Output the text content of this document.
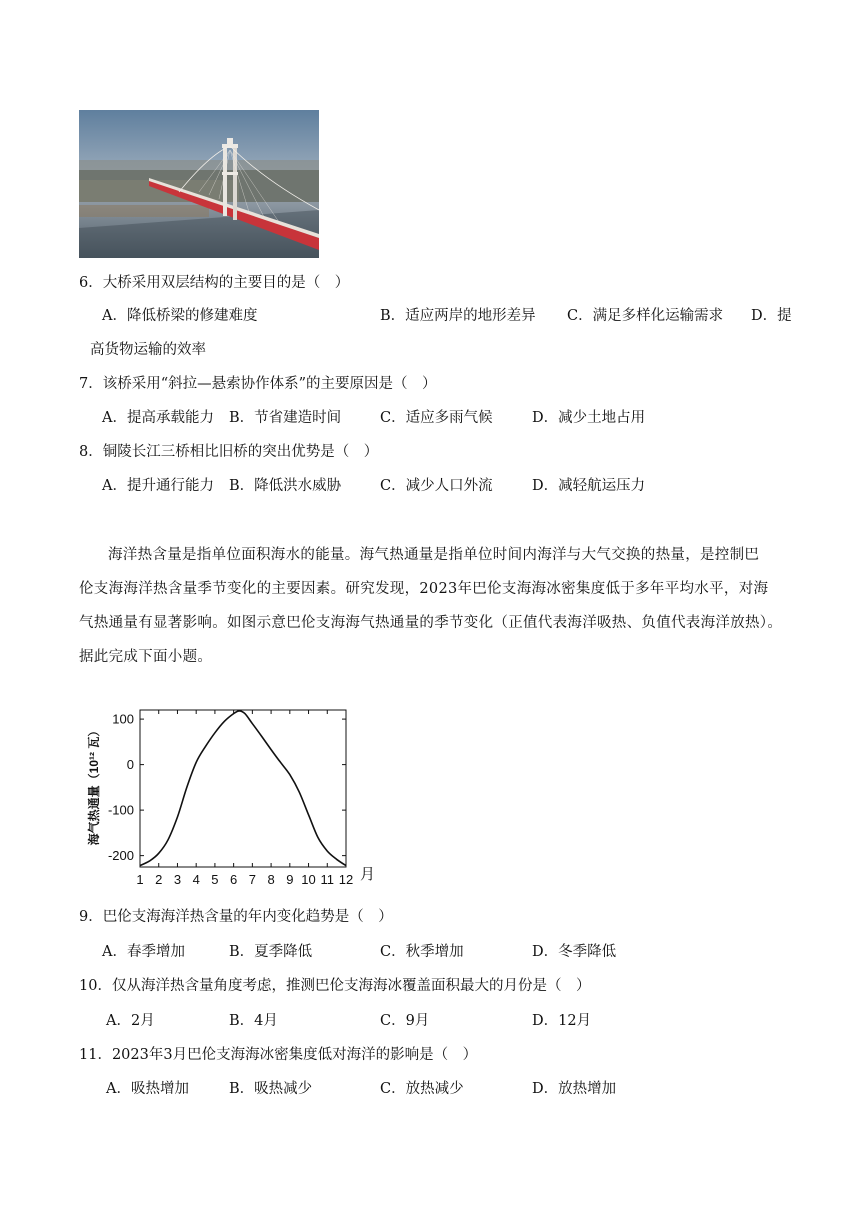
6．大桥采用双层结构的主要目的是（　）
A．降低桥梁的修建难度	B．适应两岸的地形差异 C．满足多样化运输需求 D．提
高货物运输的效率
7．该桥采用“斜拉—悬索协作体系”的主要原因是（　）
A．提高承载能力 B．节省建造时间	C．适应多雨气候	D．减少土地占用
8．铜陵长江三桥相比旧桥的突出优势是（　）
A．提升通行能力 B．降低洪水威胁	C．减少人口外流	D．减轻航运压力
海洋热含量是指单位面积海水的能量。海气热通量是指单位时间内海洋与大气交换的热量，是控制巴
伦支海海洋热含量季节变化的主要因素。研究发现，2023年巴伦支海海冰密集度低于多年平均水平，对海
气热通量有显著影响。如图示意巴伦支海海气热通量的季节变化（正值代表海洋吸热、负值代表海洋放热）。
据此完成下面小题。
1 2 3 4 5 6 7 8 9 10 11 12
100
0
-100
-200
海气热通量（10¹² 瓦）
月
9．巴伦支海海洋热含量的年内变化趋势是（　）
A．春季增加	B．夏季降低	C．秋季增加	D．冬季降低
10．仅从海洋热含量角度考虑，推测巴伦支海海冰覆盖面积最大的月份是（　）
A．2月	B．4月	C．9月	D．12月
11．2023年3月巴伦支海海冰密集度低对海洋的影响是（　）
A．吸热增加	B．吸热减少	C．放热减少	D．放热增加
